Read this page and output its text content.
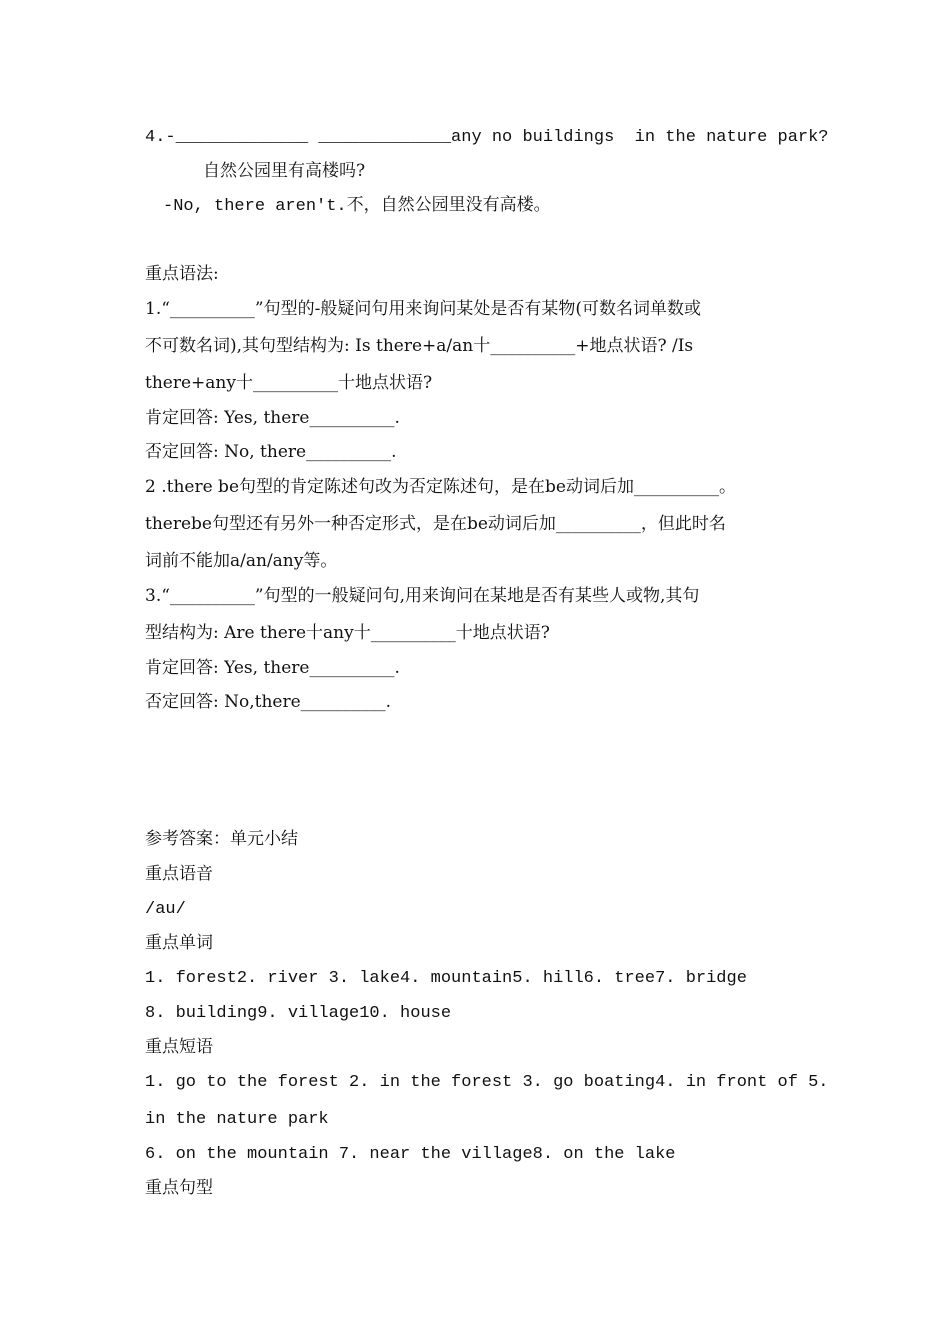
4.-_____________ _____________any no buildings  in the nature park?
自然公园里有高楼吗?
-No, there aren't.不，自然公园里没有高楼。
重点语法:
1.“__________”句型的-般疑问句用来询问某处是否有某物(可数名词单数或
不可数名词),其句型结构为: Is there+a/an十__________+地点状语? /Is
there+any十__________十地点状语?
肯定回答: Yes, there__________.
否定回答: No, there__________.
2 .there be句型的肯定陈述句改为否定陈述句，是在be动词后加__________。
therebe句型还有另外一种否定形式，是在be动词后加__________，但此时名
词前不能加a/an/any等。
3.“__________”句型的一般疑问句,用来询问在某地是否有某些人或物,其句
型结构为: Are there十any十__________十地点状语?
肯定回答: Yes, there__________.
否定回答: No,there__________.
参考答案：单元小结
重点语音
/au/
重点单词
1. forest2. river 3. lake4. mountain5. hill6. tree7. bridge
8. building9. village10. house
重点短语
1. go to the forest 2. in the forest 3. go boating4. in front of 5.
in the nature park
6. on the mountain 7. near the village8. on the lake
重点句型
